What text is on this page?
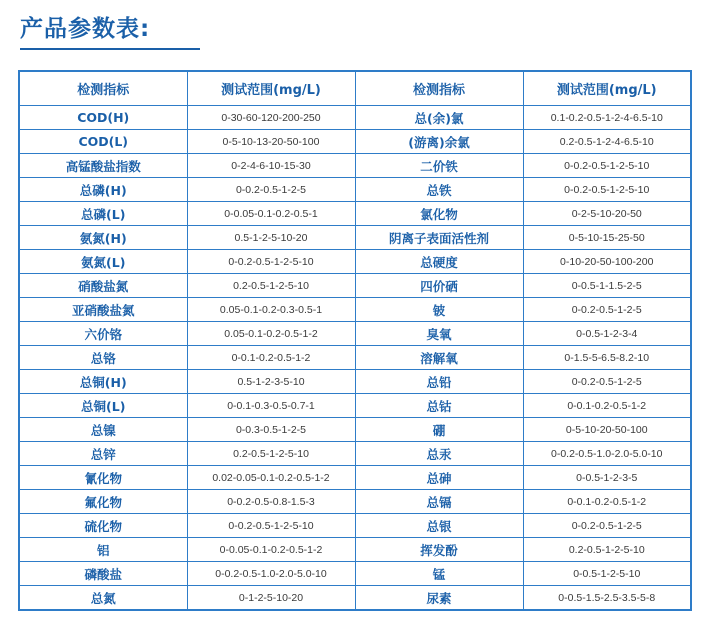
产品参数表:
检测指标	测试范围(mg/L)	检测指标	测试范围(mg/L)
COD(H)	0-30-60-120-200-250	总(余)氯	0.1-0.2-0.5-1-2-4-6.5-10
COD(L)	0-5-10-13-20-50-100	(游离)余氯	0.2-0.5-1-2-4-6.5-10
高锰酸盐指数	0-2-4-6-10-15-30	二价铁	0-0.2-0.5-1-2-5-10
总磷(H)	0-0.2-0.5-1-2-5	总铁	0-0.2-0.5-1-2-5-10
总磷(L)	0-0.05-0.1-0.2-0.5-1	氯化物	0-2-5-10-20-50
氨氮(H)	0.5-1-2-5-10-20	阴离子表面活性剂	0-5-10-15-25-50
氨氮(L)	0-0.2-0.5-1-2-5-10	总硬度	0-10-20-50-100-200
硝酸盐氮	0.2-0.5-1-2-5-10	四价硒	0-0.5-1-1.5-2-5
亚硝酸盐氮	0.05-0.1-0.2-0.3-0.5-1	铍	0-0.2-0.5-1-2-5
六价铬	0.05-0.1-0.2-0.5-1-2	臭氧	0-0.5-1-2-3-4
总铬	0-0.1-0.2-0.5-1-2	溶解氧	0-1.5-5-6.5-8.2-10
总铜(H)	0.5-1-2-3-5-10	总铅	0-0.2-0.5-1-2-5
总铜(L)	0-0.1-0.3-0.5-0.7-1	总钴	0-0.1-0.2-0.5-1-2
总镍	0-0.3-0.5-1-2-5	硼	0-5-10-20-50-100
总锌	0.2-0.5-1-2-5-10	总汞	0-0.2-0.5-1.0-2.0-5.0-10
氰化物	0.02-0.05-0.1-0.2-0.5-1-2	总砷	0-0.5-1-2-3-5
氟化物	0-0.2-0.5-0.8-1.5-3	总镉	0-0.1-0.2-0.5-1-2
硫化物	0-0.2-0.5-1-2-5-10	总银	0-0.2-0.5-1-2-5
铝	0-0.05-0.1-0.2-0.5-1-2	挥发酚	0.2-0.5-1-2-5-10
磷酸盐	0-0.2-0.5-1.0-2.0-5.0-10	锰	0-0.5-1-2-5-10
总氮	0-1-2-5-10-20	尿素	0-0.5-1.5-2.5-3.5-5-8
